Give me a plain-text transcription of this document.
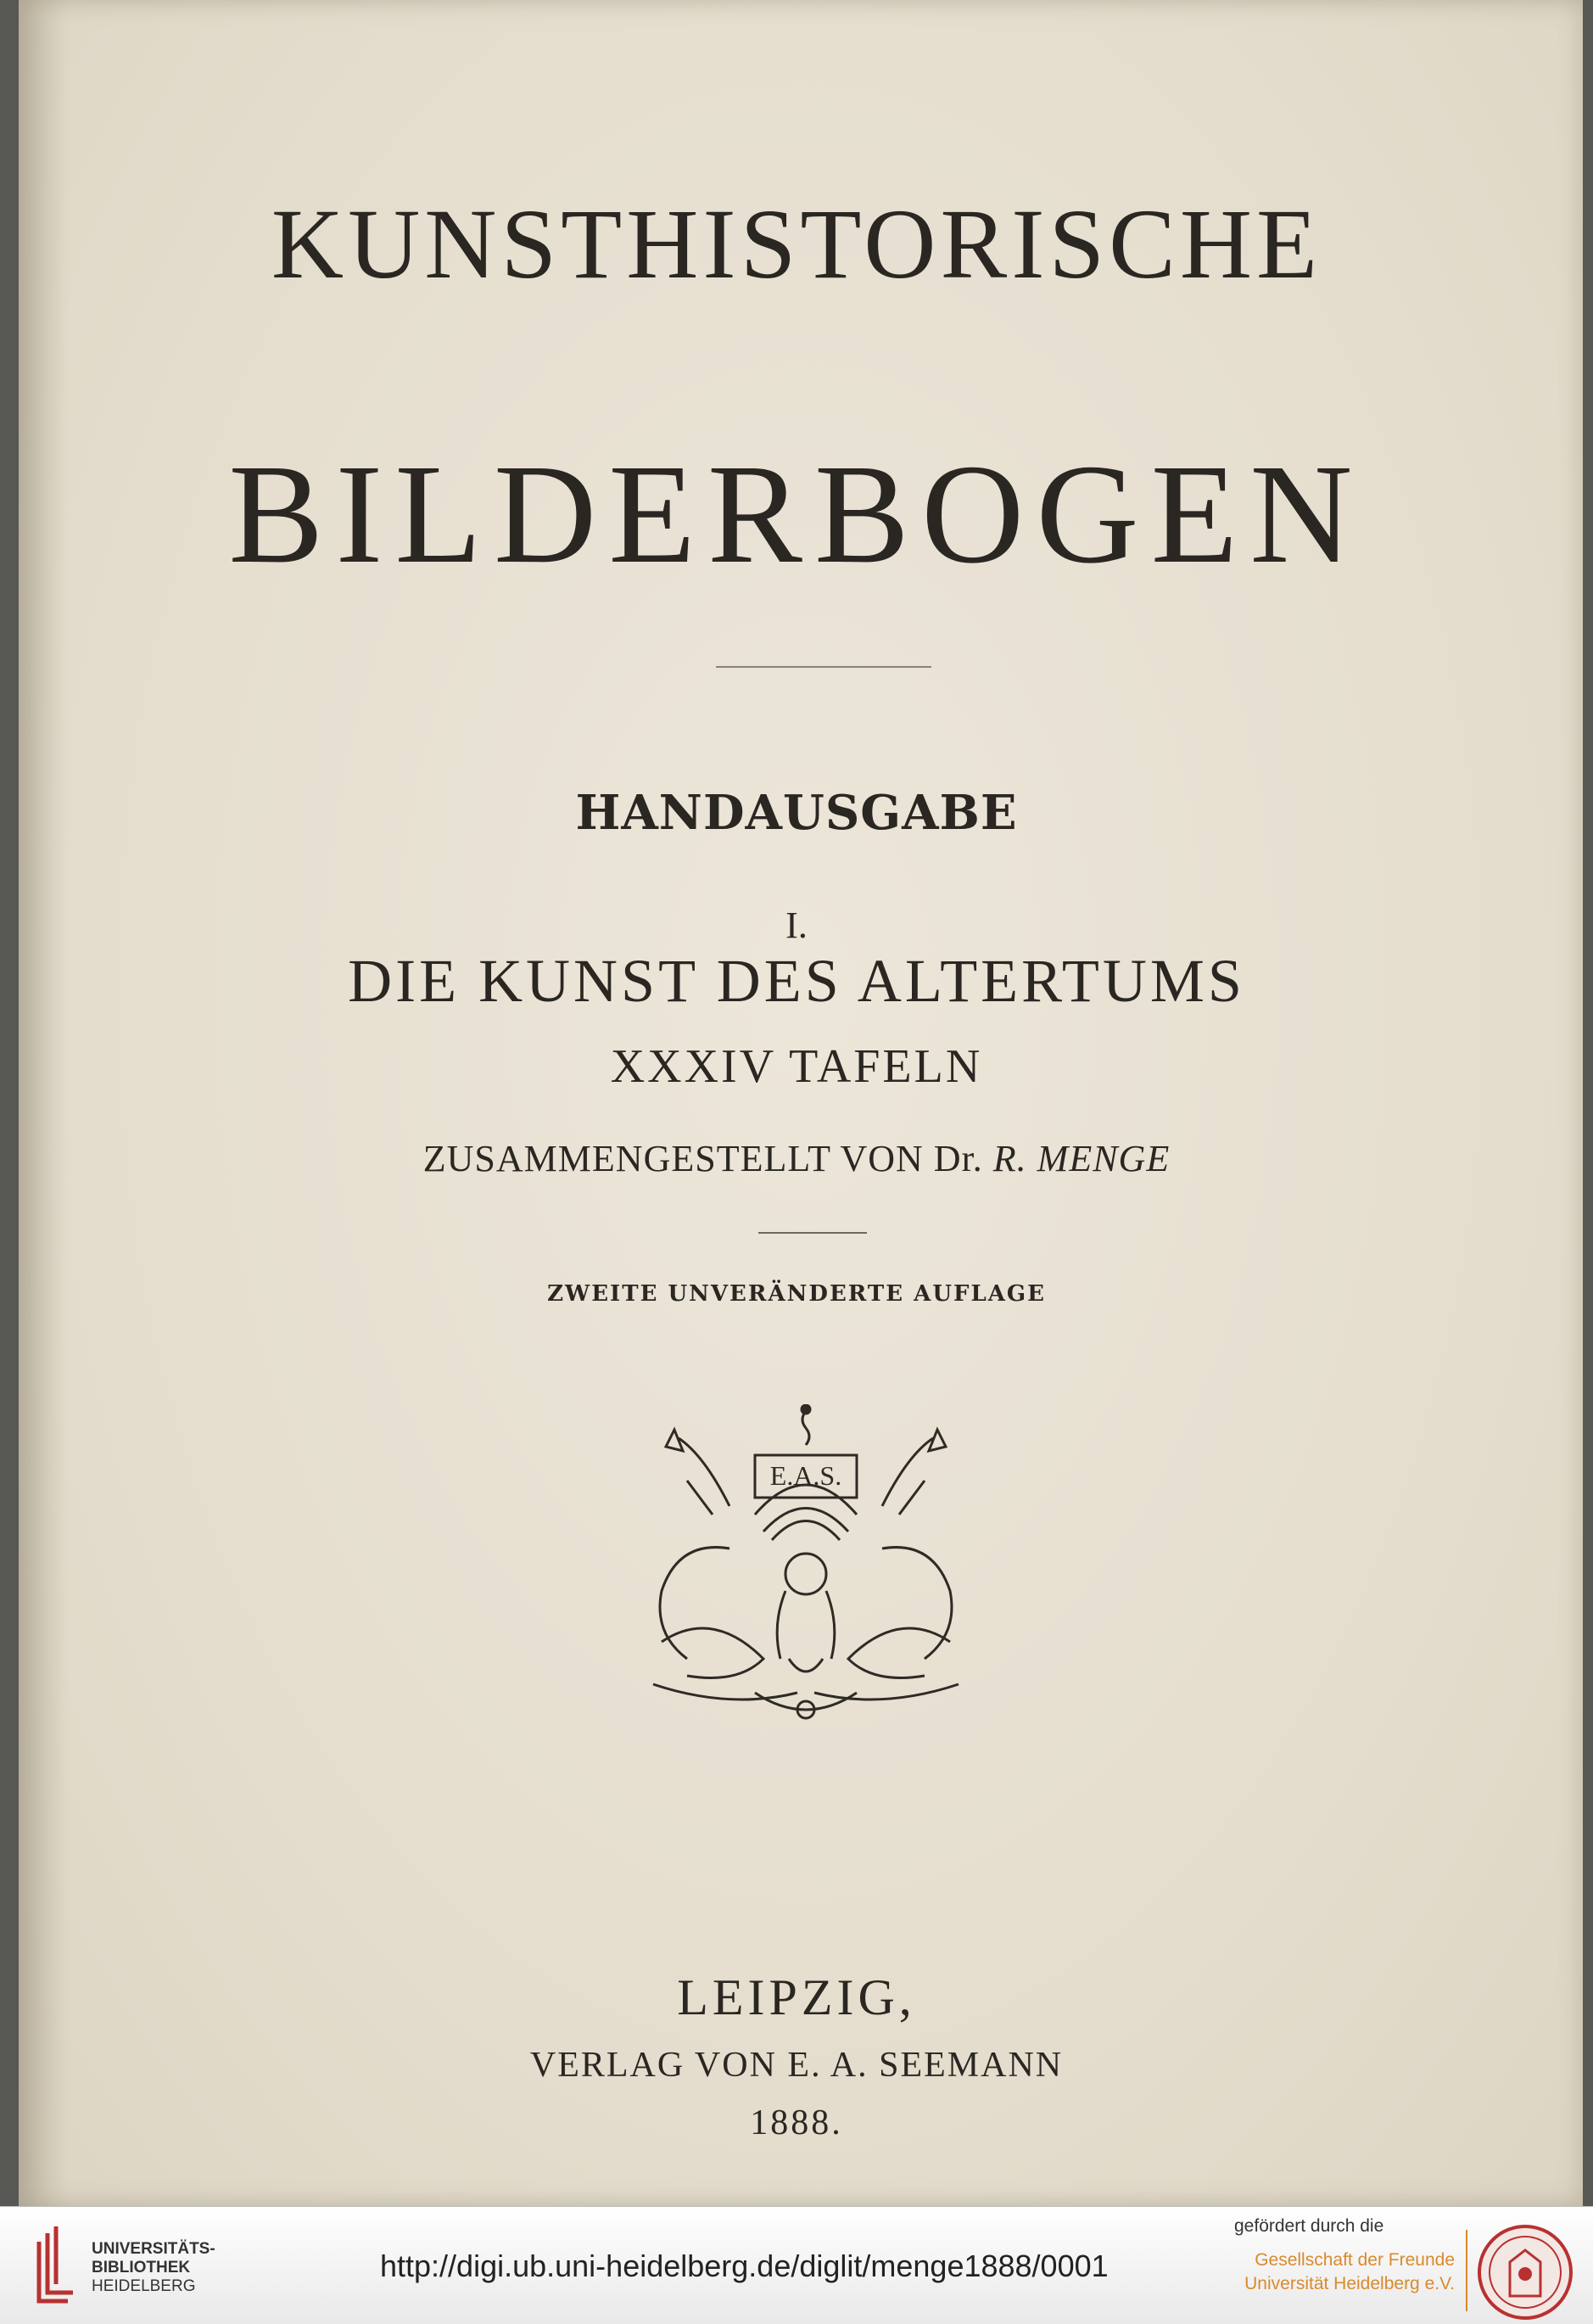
KUNSTHISTORISCHE

BILDERBOGEN

HANDAUSGABE

I.

DIE KUNST DES ALTERTUMS

XXXIV TAFELN

ZUSAMMENGESTELLT VON Dr. R. MENGE

ZWEITE UNVERÄNDERTE AUFLAGE

E.A.S.

LEIPZIG,

VERLAG VON E. A. SEEMANN

1888.

UNIVERSITÄTS-

BIBLIOTHEK

HEIDELBERG

http://digi.ub.uni-heidelberg.de/diglit/menge1888/0001

gefördert durch die

Gesellschaft der Freunde

Universität Heidelberg e.V.
